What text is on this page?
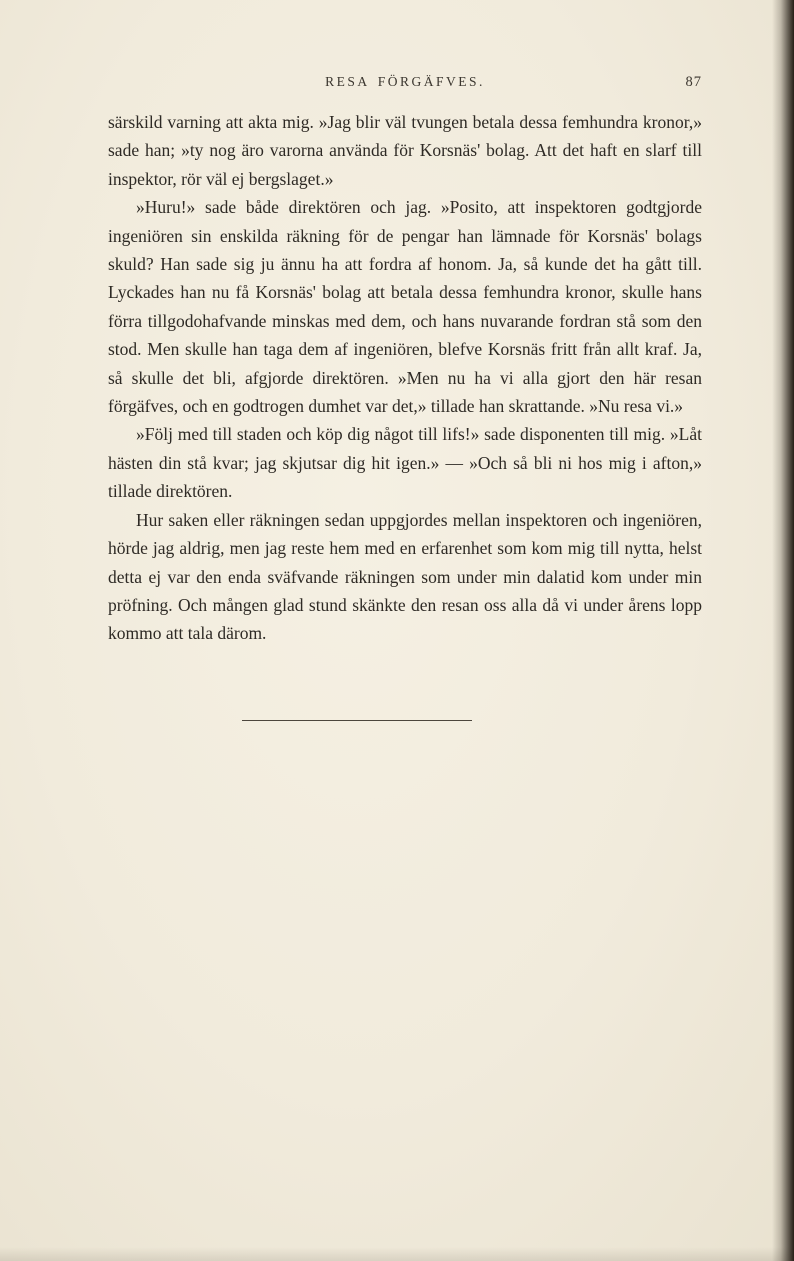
RESA FÖRGÄFVES.	87

särskild varning att akta mig. »Jag blir väl tvungen betala dessa femhundra kronor,» sade han; »ty nog äro varorna använda för Korsnäs' bolag. Att det haft en slarf till inspektor, rör väl ej bergslaget.»

»Huru!» sade både direktören och jag. »Posito, att inspektoren godtgjorde ingeniören sin enskilda räkning för de pengar han lämnade för Korsnäs' bolags skuld? Han sade sig ju ännu ha att fordra af honom. Ja, så kunde det ha gått till. Lyckades han nu få Korsnäs' bolag att betala dessa femhundra kronor, skulle hans förra tillgodohafvande minskas med dem, och hans nuvarande fordran stå som den stod. Men skulle han taga dem af ingeniören, blefve Korsnäs fritt från allt kraf. Ja, så skulle det bli, afgjorde direktören. »Men nu ha vi alla gjort den här resan förgäfves, och en godtrogen dumhet var det,» tillade han skrattande. »Nu resa vi.»

»Följ med till staden och köp dig något till lifs!» sade disponenten till mig. »Låt hästen din stå kvar; jag skjutsar dig hit igen.» — »Och så bli ni hos mig i afton,» tillade direktören.

Hur saken eller räkningen sedan uppgjordes mellan inspektoren och ingeniören, hörde jag aldrig, men jag reste hem med en erfarenhet som kom mig till nytta, helst detta ej var den enda sväfvande räkningen som under min dalatid kom under min pröfning. Och mången glad stund skänkte den resan oss alla då vi under årens lopp kommo att tala därom.
